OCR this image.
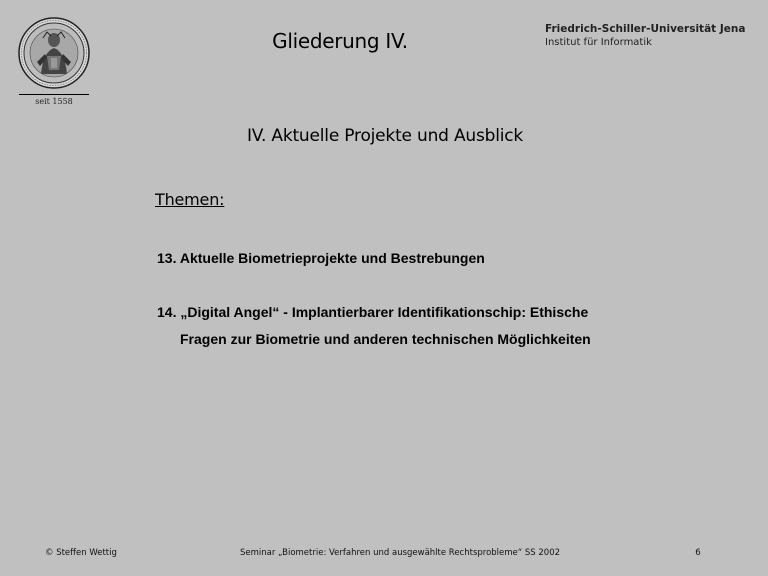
seit 1558
Gliederung IV.	Friedrich-Schiller-Universität Jena
Institut für Informatik
IV. Aktuelle Projekte und Ausblick
Themen:
13. Aktuelle Biometrieprojekte und Bestrebungen
14. „Digital Angel“ - Implantierbarer Identifikationschip: Ethische
Fragen zur Biometrie und anderen technischen Möglichkeiten
© Steffen Wettig	Seminar „Biometrie: Verfahren und ausgewählte Rechtsprobleme“ SS 2002	6
